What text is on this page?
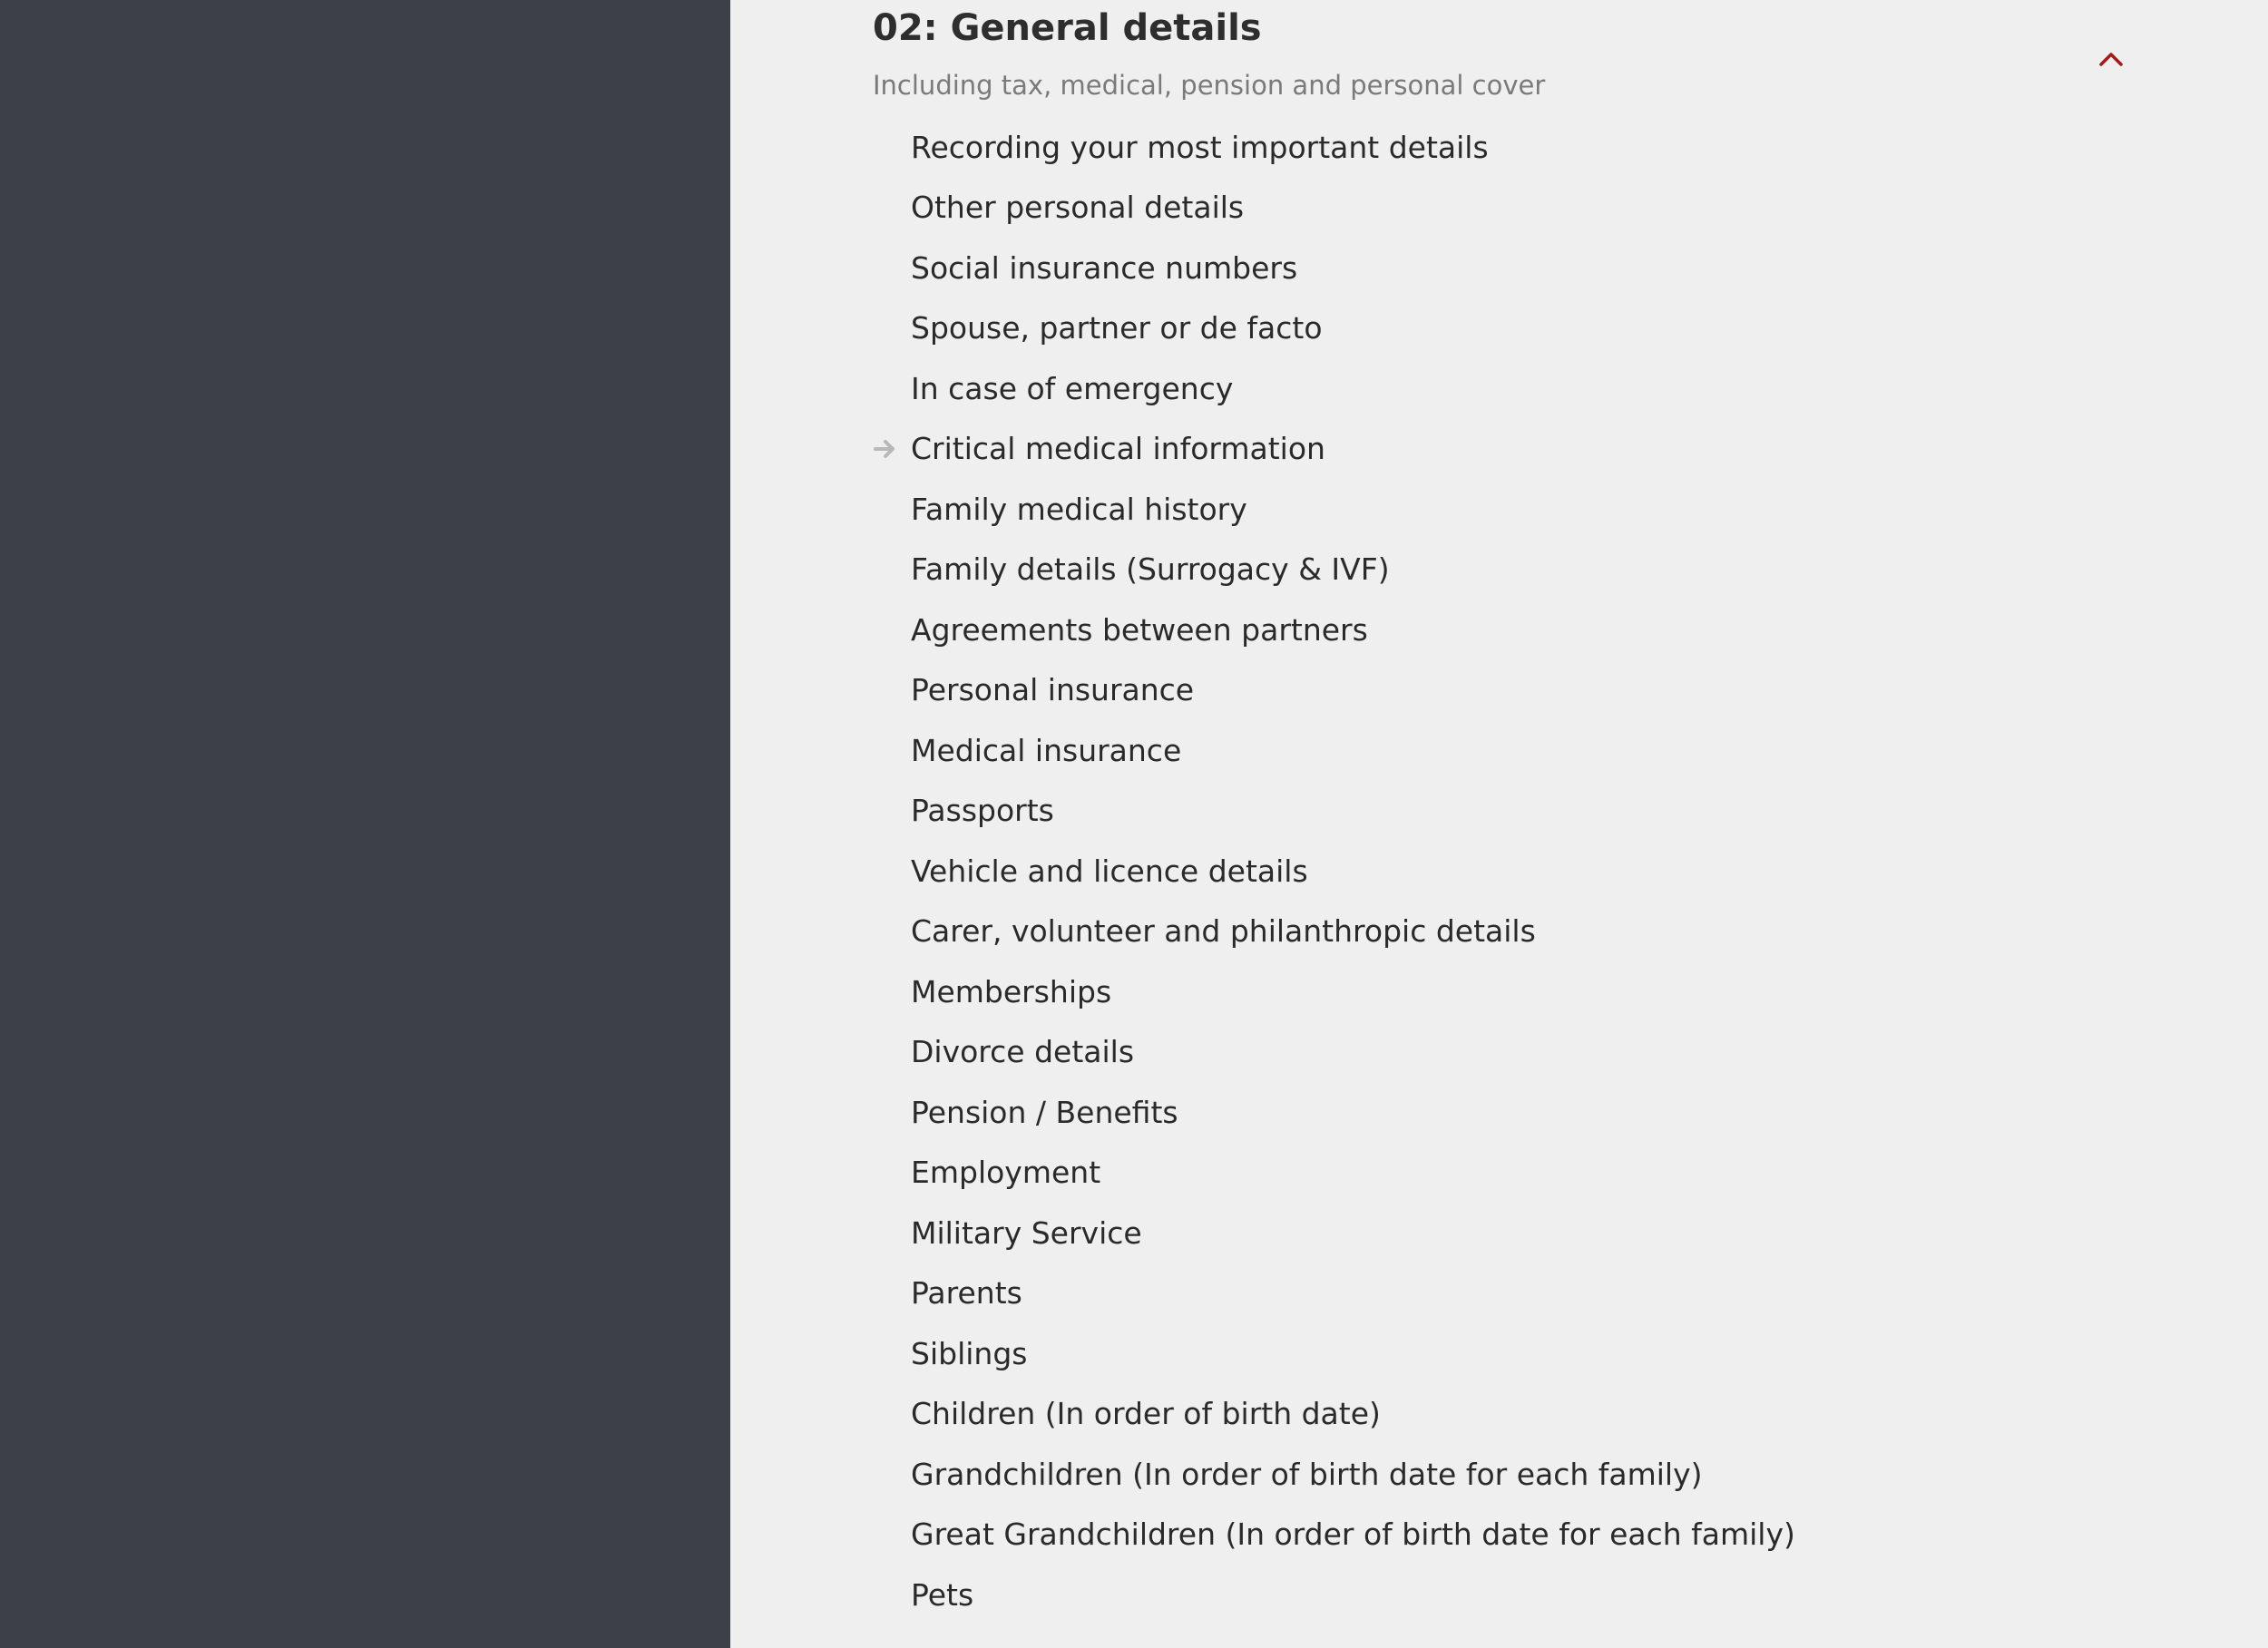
02: General details

Including tax, medical, pension and personal cover

Recording your most important details
Other personal details
Social insurance numbers
Spouse, partner or de facto
In case of emergency
Critical medical information
Family medical history
Family details (Surrogacy & IVF)
Agreements between partners
Personal insurance
Medical insurance
Passports
Vehicle and licence details
Carer, volunteer and philanthropic details
Memberships
Divorce details
Pension / Benefits
Employment
Military Service
Parents
Siblings
Children (In order of birth date)
Grandchildren (In order of birth date for each family)
Great Grandchildren (In order of birth date for each family)
Pets
